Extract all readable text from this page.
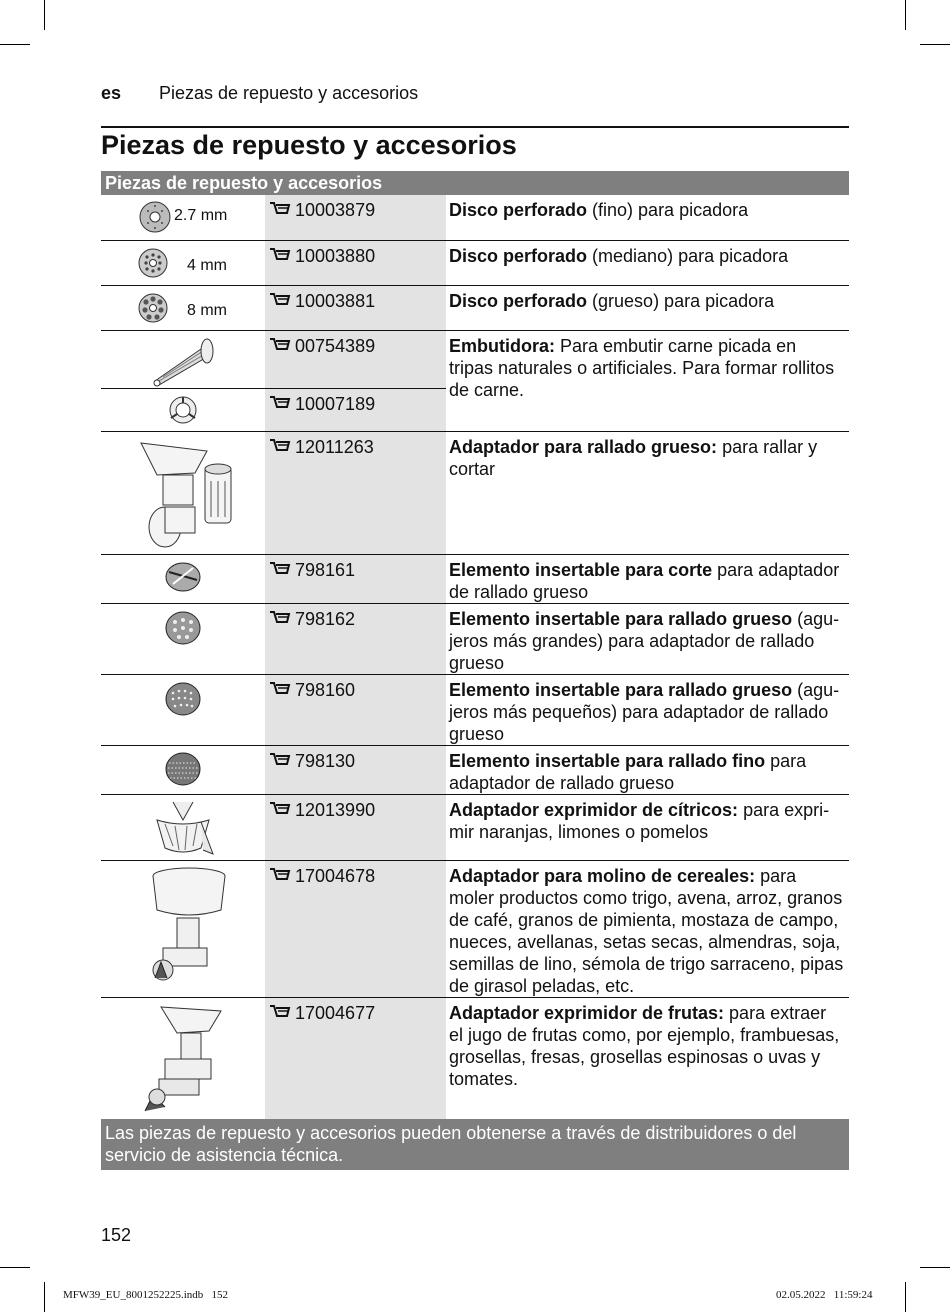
es Piezas de repuesto y accesorios
Piezas de repuesto y accesorios
Piezas de repuesto y accesorios		

2.7 mm	10003879	Disco perforado (fino) para picadora

4 mm	10003880	Disco perforado (mediano) para picadora

8 mm	10003881	Disco perforado (grueso) para picadora

	00754389	Embutidora: Para embutir carne picada en tripas naturales o artificiales. Para formar rollitos de carne.

	10007189	

	12011263	Adaptador para rallado grueso: para rallar y cortar

	798161	Elemento insertable para corte para adaptador de rallado grueso

	798162	Elemento insertable para rallado grueso (agu-jeros más grandes) para adaptador de rallado grueso

	798160	Elemento insertable para rallado grueso (agu-jeros más pequeños) para adaptador de rallado grueso

	798130	Elemento insertable para rallado fino para adaptador de rallado grueso

	12013990	Adaptador exprimidor de cítricos: para expri-mir naranjas, limones o pomelos

	17004678	Adaptador para molino de cereales: para moler productos como trigo, avena, arroz, granos de café, granos de pimienta, mostaza de campo, nueces, avellanas, setas secas, almendras, soja, semillas de lino, sémola de trigo sarraceno, pipas de girasol peladas, etc.

	17004677	Adaptador exprimidor de frutas: para extraer el jugo de frutas como, por ejemplo, frambuesas, grosellas, fresas, grosellas espinosas o uvas y tomates.
Las piezas de repuesto y accesorios pueden obtenerse a través de distribuidores o del servicio de asistencia técnica.		
152
MFW39_EU_8001252225.indb   152	02.05.2022   11:59:24
